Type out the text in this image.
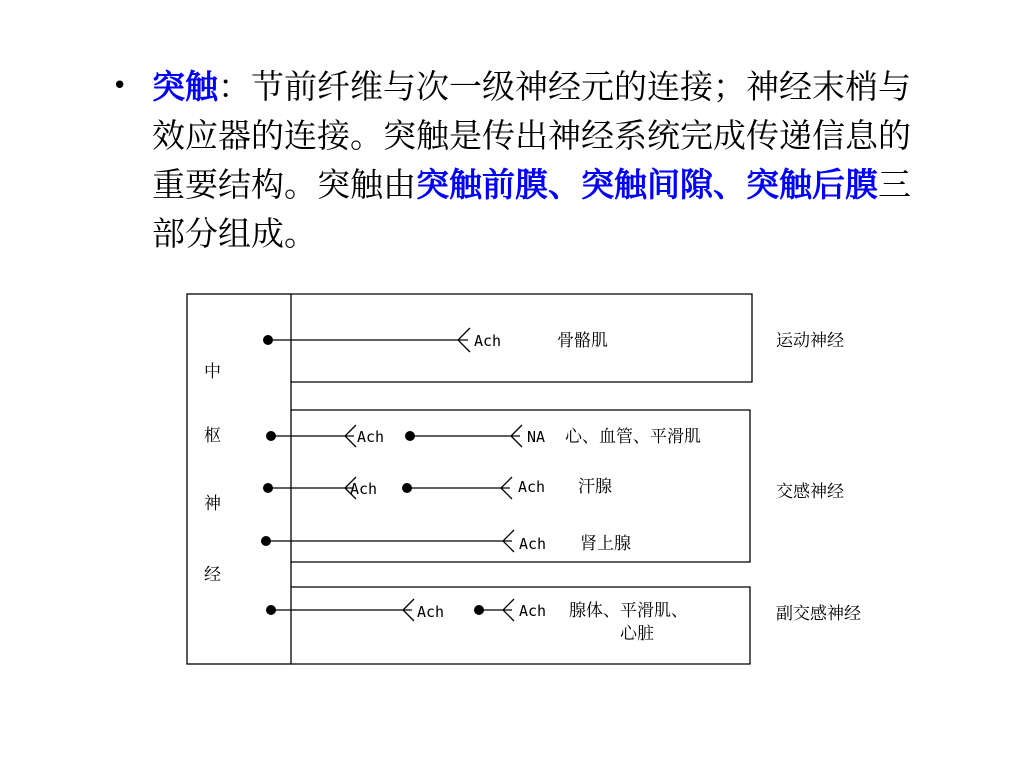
• 突触：节前纤维与次一级神经元的连接；神经末梢与效应器的连接。突触是传出神经系统完成传递信息的重要结构。突触由突触前膜、突触间隙、突触后膜三部分组成。
中
枢
神
经
Ach
Ach	NA
Ach	Ach
Ach
Ach	Ach
骨骼肌
心、血管、平滑肌
汗腺
肾上腺
腺体、平滑肌、
心脏
运动神经
交感神经
副交感神经
